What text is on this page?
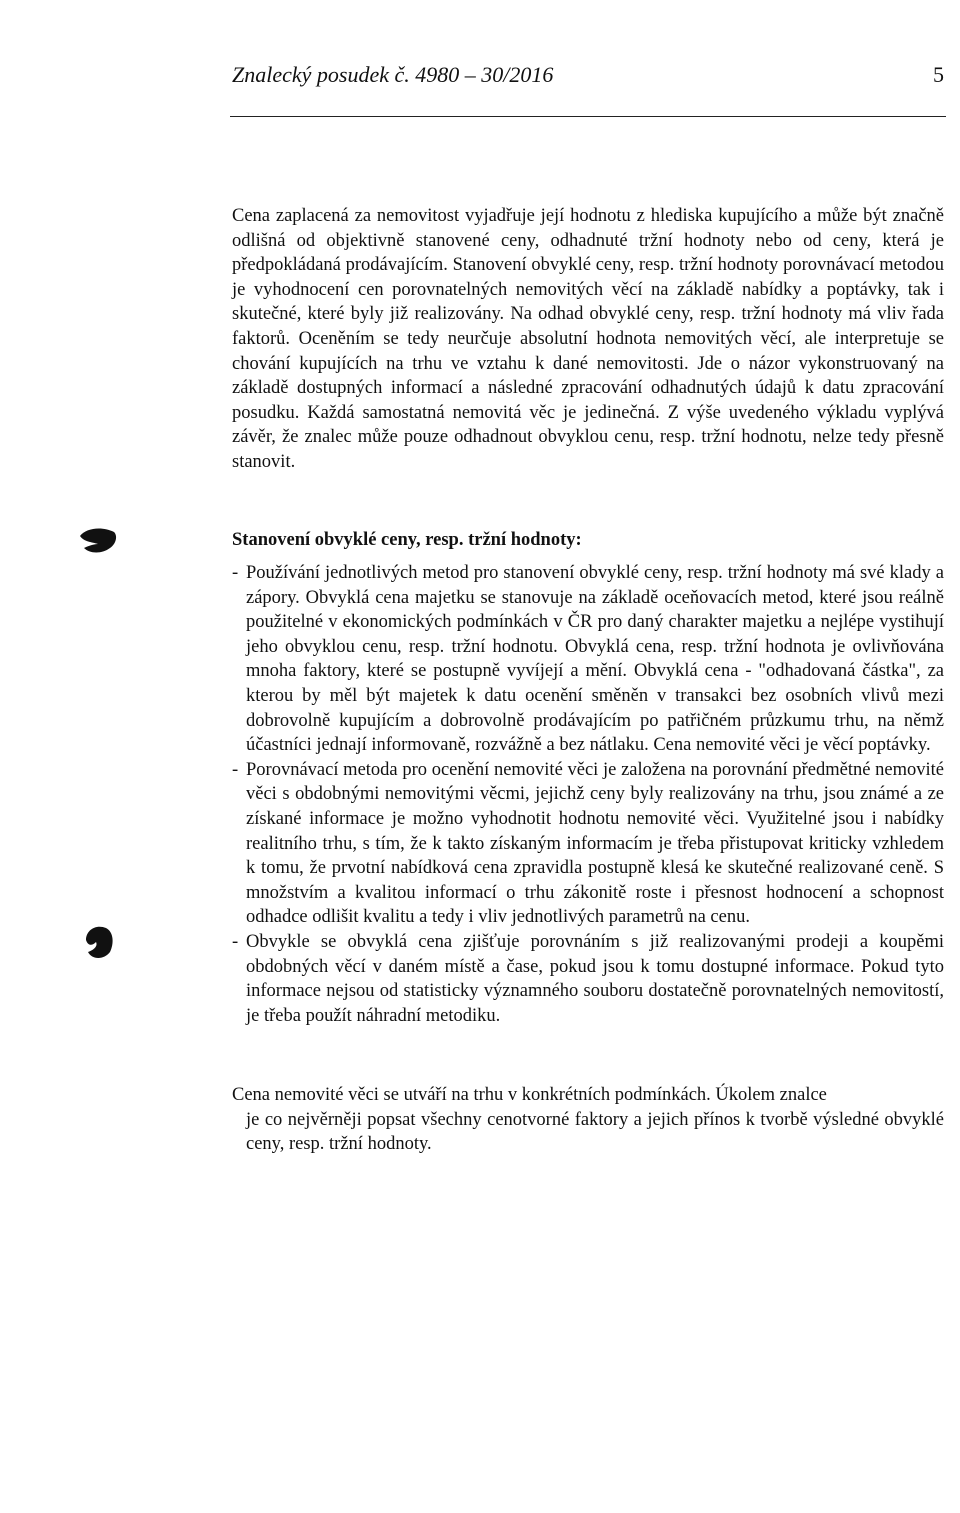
Znalecký posudek č. 4980 – 30/2016	5

Cena zaplacená za nemovitost vyjadřuje její hodnotu z hlediska kupujícího a může být značně odlišná od objektivně stanovené ceny, odhadnuté tržní hodnoty nebo od ceny, která je předpokládaná prodávajícím. Stanovení obvyklé ceny, resp. tržní hodnoty porovnávací metodou je vyhodnocení cen porovnatelných nemovitých věcí na základě nabídky a poptávky, tak i skutečné, které byly již realizovány. Na odhad obvyklé ceny, resp. tržní hodnoty má vliv řada faktorů. Oceněním se tedy neurčuje absolutní hodnota nemovitých věcí, ale interpretuje se chování kupujících na trhu ve vztahu k dané nemovitosti. Jde o názor vykonstruovaný na základě dostupných informací a následné zpracování odhadnutých údajů k datu zpracování posudku. Každá samostatná nemovitá věc je jedinečná. Z výše uvedeného výkladu vyplývá závěr, že znalec může pouze odhadnout obvyklou cenu, resp. tržní hodnotu, nelze tedy přesně stanovit.

Stanovení obvyklé ceny, resp. tržní hodnoty:
- Používání jednotlivých metod pro stanovení obvyklé ceny, resp. tržní hodnoty má své klady a zápory. Obvyklá cena majetku se stanovuje na základě oceňovacích metod, které jsou reálně použitelné v ekonomických podmínkách v ČR pro daný charakter majetku a nejlépe vystihují jeho obvyklou cenu, resp. tržní hodnotu. Obvyklá cena, resp. tržní hodnota je ovlivňována mnoha faktory, které se postupně vyvíjejí a mění. Obvyklá cena - "odhadovaná částka", za kterou by měl být majetek k datu ocenění směněn v transakci bez osobních vlivů mezi dobrovolně kupujícím a dobrovolně prodávajícím po patřičném průzkumu trhu, na němž účastníci jednají informovaně, rozvážně a bez nátlaku. Cena nemovité věci je věcí poptávky.
- Porovnávací metoda pro ocenění nemovité věci je založena na porovnání předmětné nemovité věci s obdobnými nemovitými věcmi, jejichž ceny byly realizovány na trhu, jsou známé a ze získané informace je možno vyhodnotit hodnotu nemovité věci. Využitelné jsou i nabídky realitního trhu, s tím, že k takto získaným informacím je třeba přistupovat kriticky vzhledem k tomu, že prvotní nabídková cena zpravidla postupně klesá ke skutečné realizované ceně. S množstvím a kvalitou informací o trhu zákonitě roste i přesnost hodnocení a schopnost odhadce odlišit kvalitu a tedy i vliv jednotlivých parametrů na cenu.
- Obvykle se obvyklá cena zjišťuje porovnáním s již realizovanými prodeji a koupěmi obdobných věcí v daném místě a čase, pokud jsou k tomu dostupné informace. Pokud tyto informace nejsou od statisticky významného souboru dostatečně porovnatelných nemovitostí, je třeba použít náhradní metodiku.
Cena nemovité věci se utváří na trhu v konkrétních podmínkách. Úkolem znalce
je co nejvěrněji popsat všechny cenotvorné faktory a jejich přínos k tvorbě výsledné obvyklé ceny, resp. tržní hodnoty.
